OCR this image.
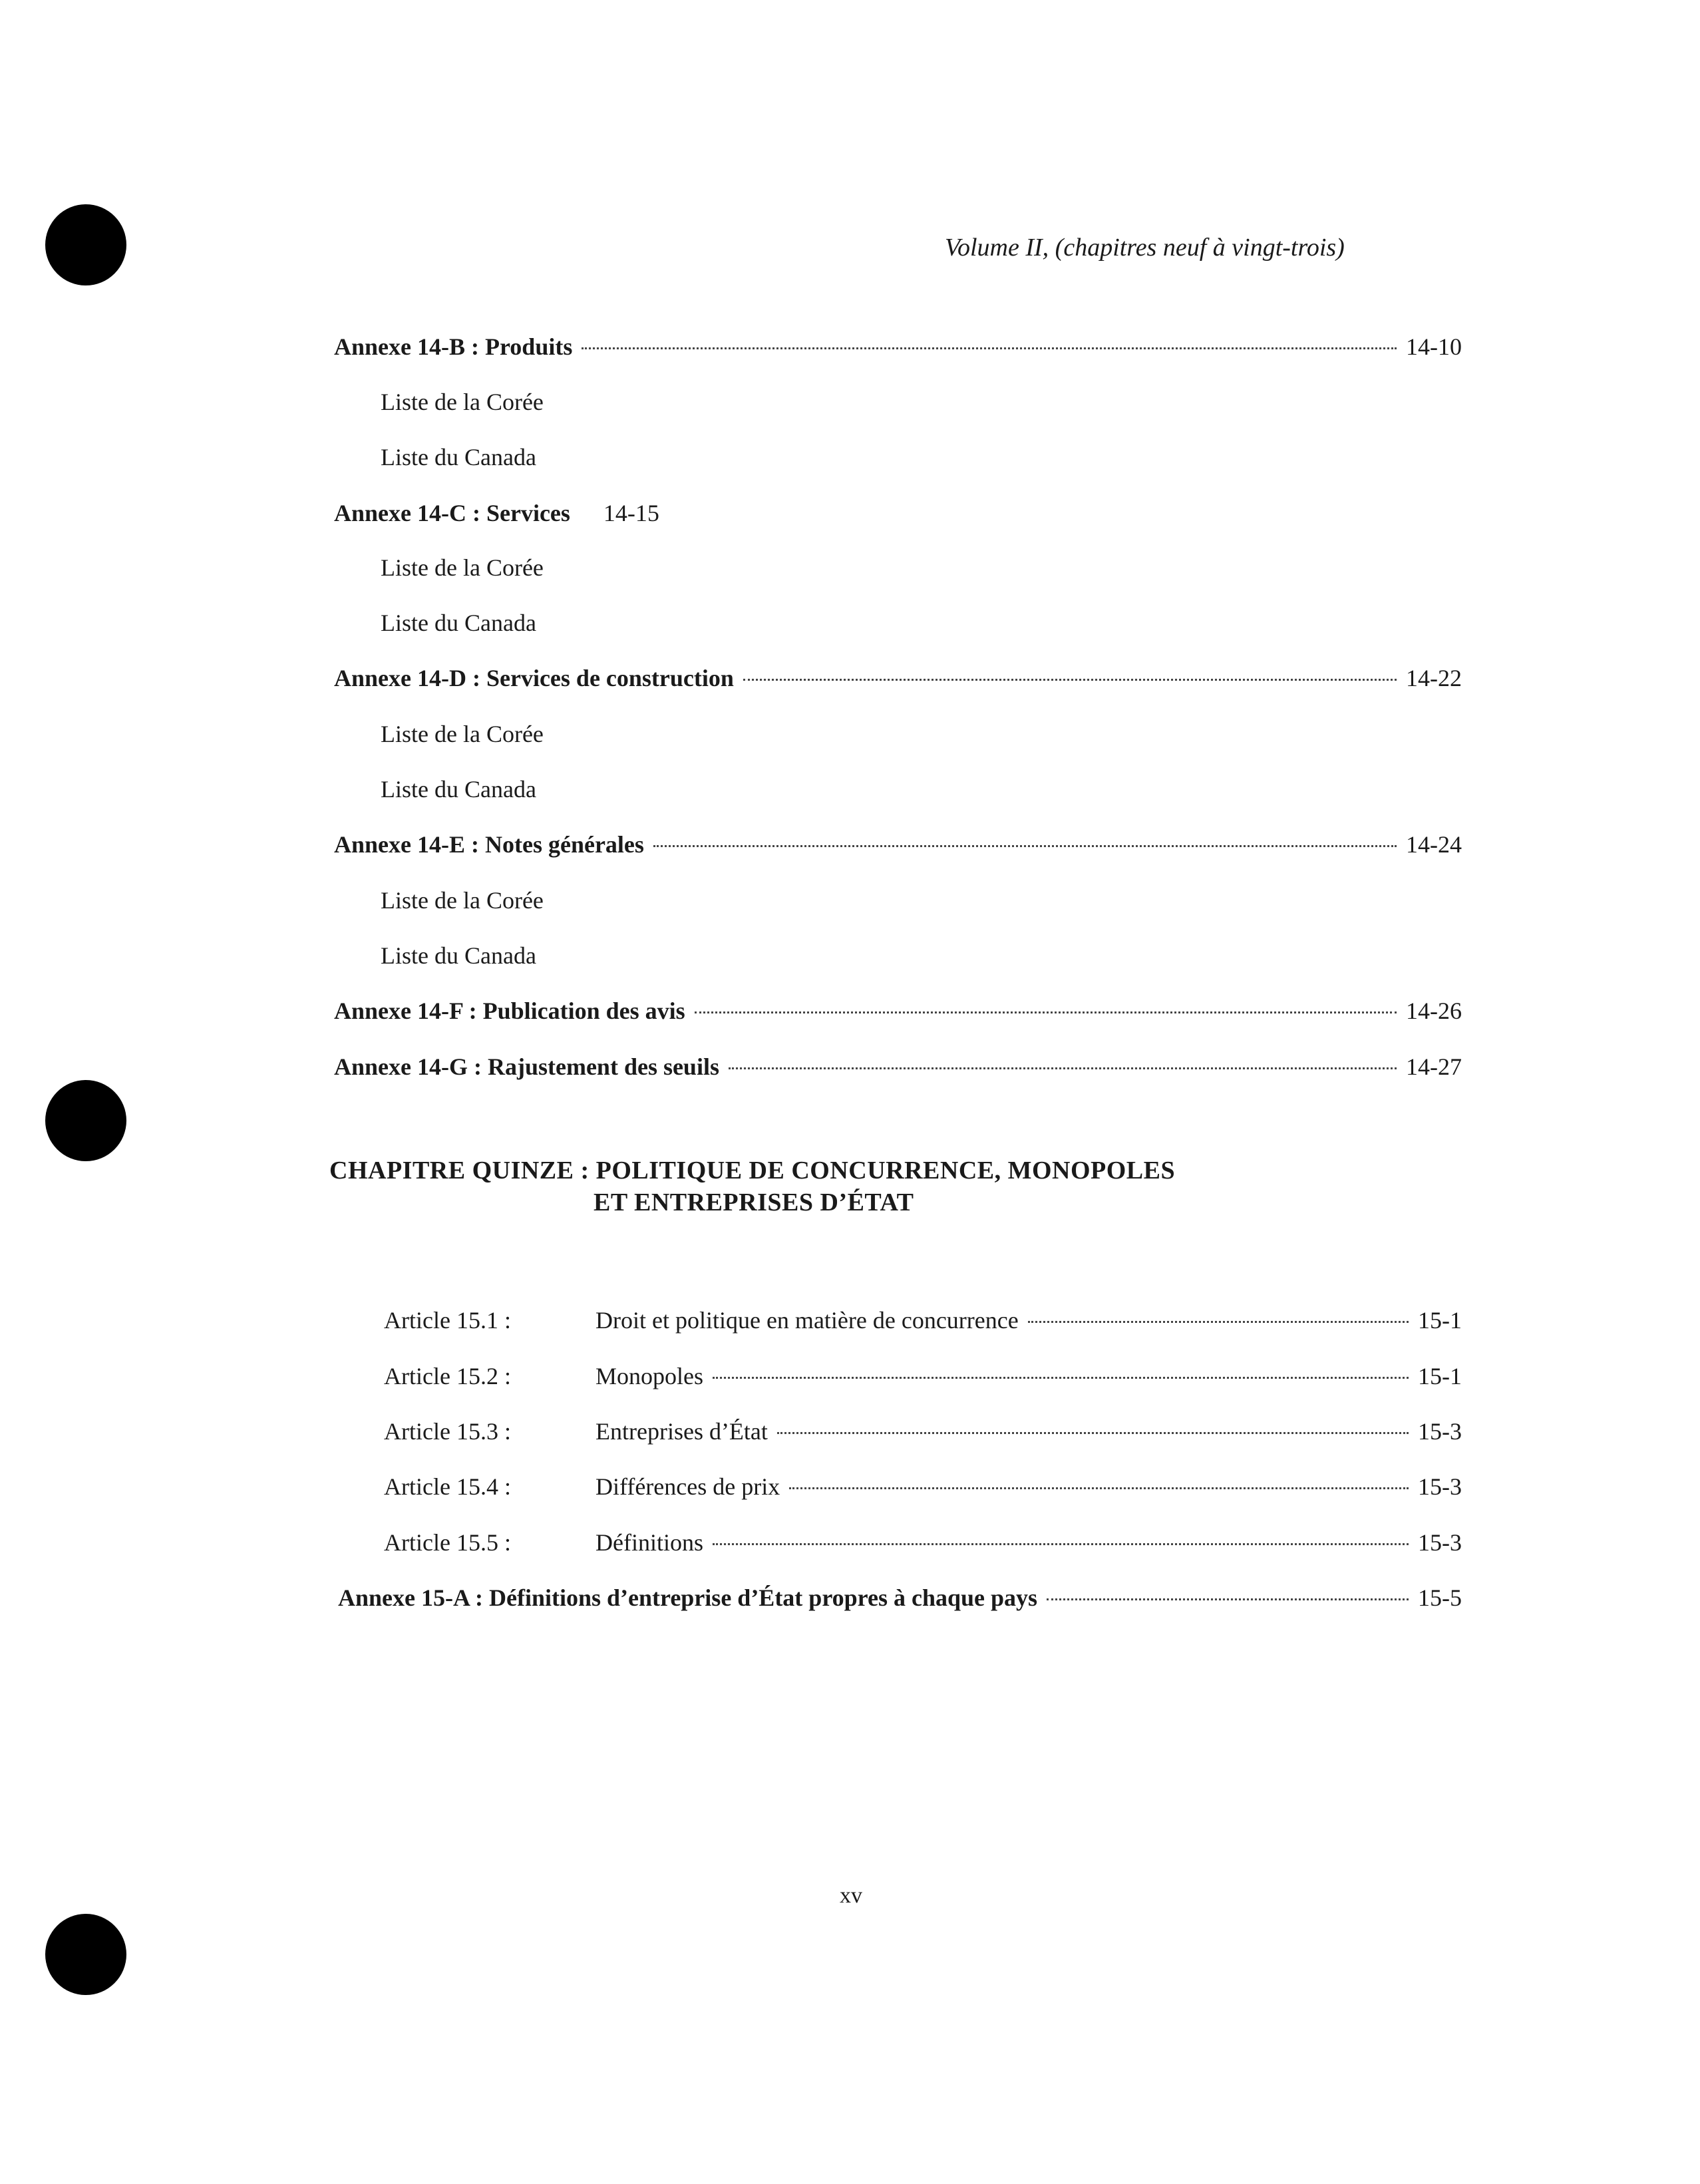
Volume II, (chapitres neuf à vingt-trois)
Annexe 14-B : Produits	14-10
Liste de la Corée
Liste du Canada
Annexe 14-C : Services 14-15
Liste de la Corée
Liste du Canada
Annexe 14-D : Services de construction	14-22
Liste de la Corée
Liste du Canada
Annexe 14-E : Notes générales	14-24
Liste de la Corée
Liste du Canada
Annexe 14-F : Publication des avis	14-26
Annexe 14-G : Rajustement des seuils	14-27
CHAPITRE QUINZE : POLITIQUE DE CONCURRENCE, MONOPOLES
ET ENTREPRISES D’ÉTAT
Article 15.1 :	Droit et politique en matière de concurrence	15-1
Article 15.2 :	Monopoles	15-1
Article 15.3 :	Entreprises d’État	15-3
Article 15.4 :	Différences de prix	15-3
Article 15.5 :	Définitions	15-3
Annexe 15-A : Définitions d’entreprise d’État propres à chaque pays	15-5
xv
